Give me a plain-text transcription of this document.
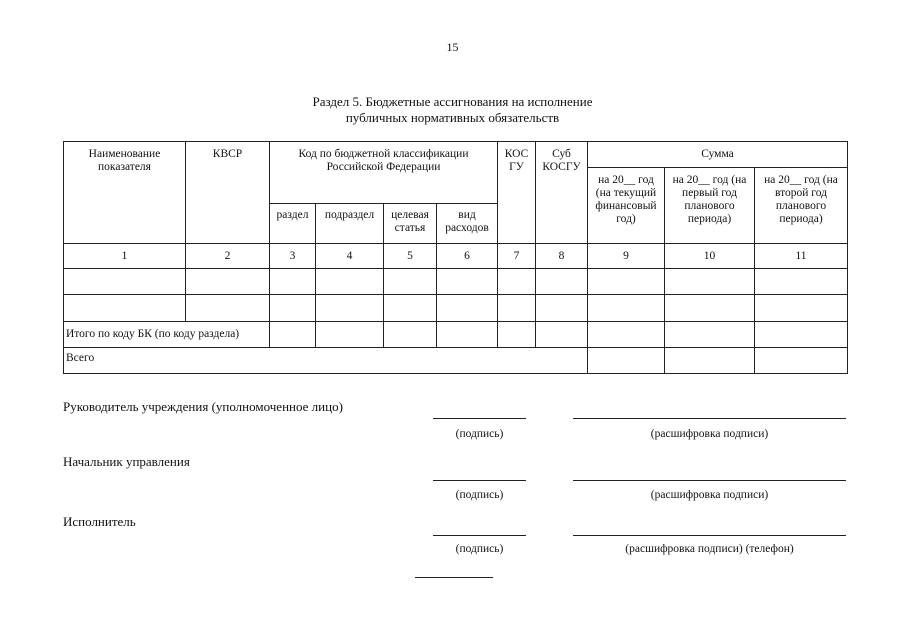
15
Раздел 5. Бюджетные ассигнования на исполнение
публичных нормативных обязательств
Наименование показателя	КВСР	Код по бюджетной классификации Российской Федерации				КОС ГУ	Суб КОСГУ	Сумма		
								на 20__ год (на текущий финансовый год)	на 20__ год (на первый год планового периода)	на 20__ год (на второй год планового периода)
		раздел	подраздел	целевая статья	вид расходов					
1	2	3	4	5	6	7	8	9	10	11

Итого по коду БК (по коду раздела)										
Всего										
Руководитель учреждения (уполномоченное лицо)
(подпись)	(расшифровка подписи)
Начальник управления
(подпись)	(расшифровка подписи)
Исполнитель
(подпись)	(расшифровка подписи) (телефон)
